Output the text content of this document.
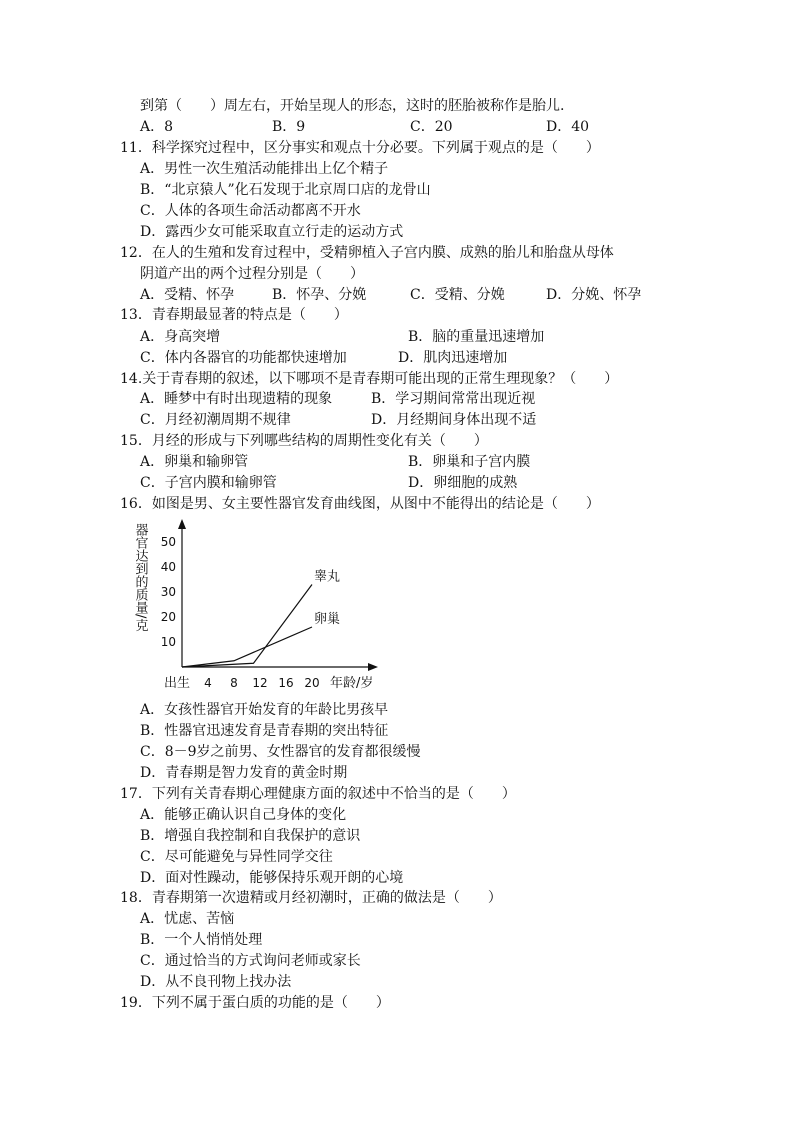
到第（　　）周左右，开始呈现人的形态，这时的胚胎被称作是胎儿.
A．8	B．9	C．20	D．40
11．科学探究过程中，区分事实和观点十分必要。下列属于观点的是（　　）
A．男性一次生殖活动能排出上亿个精子
B．“北京猿人”化石发现于北京周口店的龙骨山
C．人体的各项生命活动都离不开水
D．露西少女可能采取直立行走的运动方式
12．在人的生殖和发育过程中，受精卵植入子宫内膜、成熟的胎儿和胎盘从母体
阴道产出的两个过程分别是（　　）
A．受精、怀孕	B．怀孕、分娩	C．受精、分娩	D．分娩、怀孕
13．青春期最显著的特点是（　　）
A．身高突增	B．脑的重量迅速增加
C．体内各器官的功能都快速增加	D．肌肉迅速增加
14.关于青春期的叙述，以下哪项不是青春期可能出现的正常生理现象？（　　）
A．睡梦中有时出现遗精的现象	B．学习期间常常出现近视
C．月经初潮周期不规律	D．月经期间身体出现不适
15．月经的形成与下列哪些结构的周期性变化有关（　　）
A．卵巢和输卵管	B．卵巢和子宫内膜
C．子宫内膜和输卵管	D．卵细胞的成熟
16．如图是男、女主要性器官发育曲线图，从图中不能得出的结论是（　　）
器官达到的质量/克
出生	年龄/岁
10
20
30
40
50
4 8 12 16 20
睾丸
卵巢
A．女孩性器官开始发育的年龄比男孩早
B．性器官迅速发育是青春期的突出特征
C．8－9岁之前男、女性器官的发育都很缓慢
D．青春期是智力发育的黄金时期
17．下列有关青春期心理健康方面的叙述中不恰当的是（　　）
A．能够正确认识自己身体的变化
B．增强自我控制和自我保护的意识
C．尽可能避免与异性同学交往
D．面对性躁动，能够保持乐观开朗的心境
18．青春期第一次遗精或月经初潮时，正确的做法是（　　）
A．忧虑、苦恼
B．一个人悄悄处理
C．通过恰当的方式询问老师或家长
D．从不良刊物上找办法
19．下列不属于蛋白质的功能的是（　　）
